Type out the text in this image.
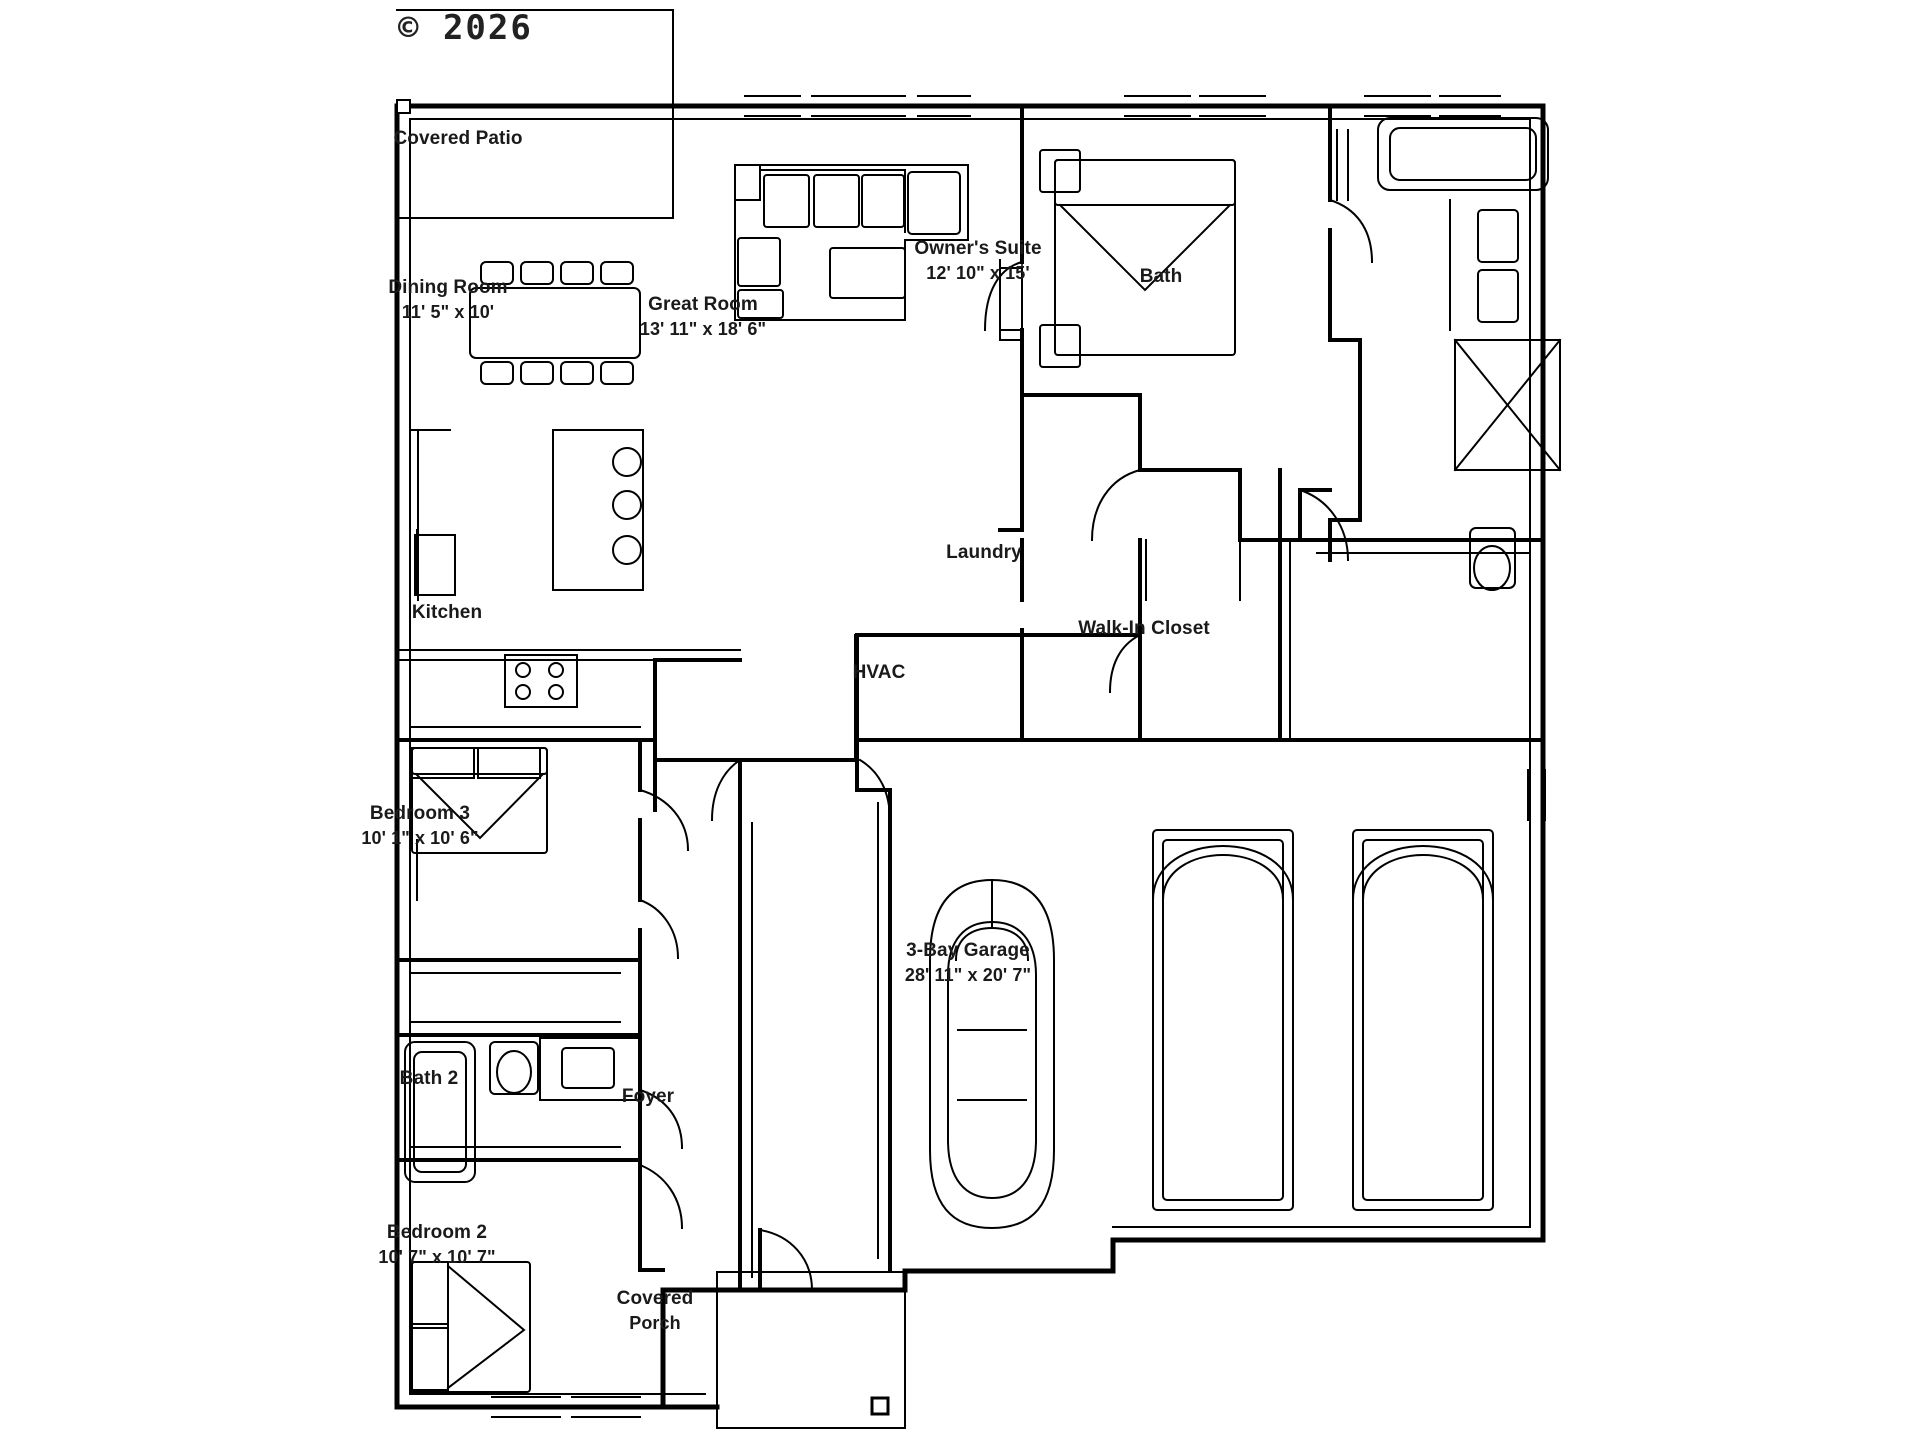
© 2026
Covered Patio
Dining Room
11' 5" x 10'	Great Room
13' 11" x 18' 6"
Owner's Suite
12' 10" x 15'	Bath
Kitchen
Laundry
Walk-In Closet
HVAC
Bedroom 3
10' 1" x 10' 6"
3-Bay Garage
28' 11" x 20' 7"
Bath 2
Foyer
Bedroom 2
10' 7" x 10' 7"
Covered
Porch
